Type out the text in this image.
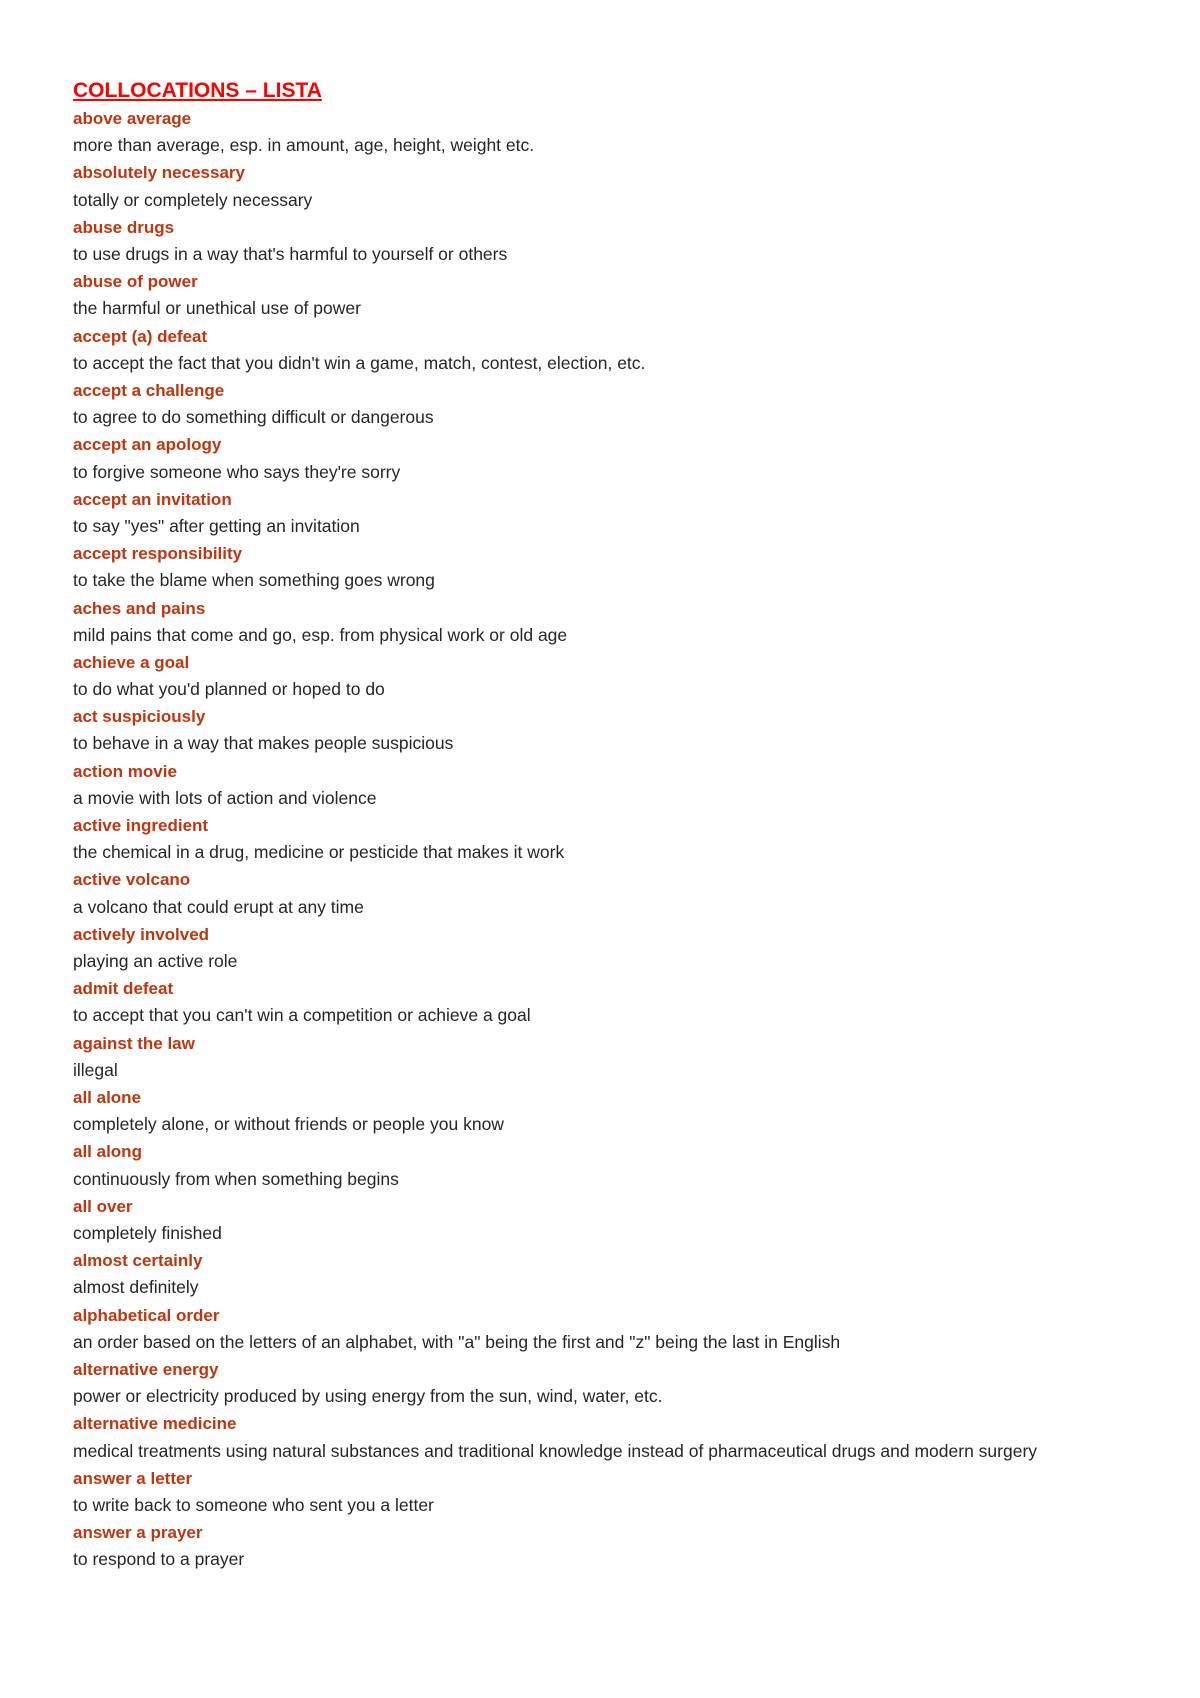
COLLOCATIONS – LISTA
above average
more than average, esp. in amount, age, height, weight etc.
absolutely necessary
totally or completely necessary
abuse drugs
to use drugs in a way that's harmful to yourself or others
abuse of power
the harmful or unethical use of power
accept (a) defeat
to accept the fact that you didn't win a game, match, contest, election, etc.
accept a challenge
to agree to do something difficult or dangerous
accept an apology
to forgive someone who says they're sorry
accept an invitation
to say "yes" after getting an invitation
accept responsibility
to take the blame when something goes wrong
aches and pains
mild pains that come and go, esp. from physical work or old age
achieve a goal
to do what you'd planned or hoped to do
act suspiciously
to behave in a way that makes people suspicious
action movie
a movie with lots of action and violence
active ingredient
the chemical in a drug, medicine or pesticide that makes it work
active volcano
a volcano that could erupt at any time
actively involved
playing an active role
admit defeat
to accept that you can't win a competition or achieve a goal
against the law
illegal
all alone
completely alone, or without friends or people you know
all along
continuously from when something begins
all over
completely finished
almost certainly
almost definitely
alphabetical order
an order based on the letters of an alphabet, with "a" being the first and "z" being the last in English
alternative energy
power or electricity produced by using energy from the sun, wind, water, etc.
alternative medicine
medical treatments using natural substances and traditional knowledge instead of pharmaceutical drugs and modern surgery
answer a letter
to write back to someone who sent you a letter
answer a prayer
to respond to a prayer
